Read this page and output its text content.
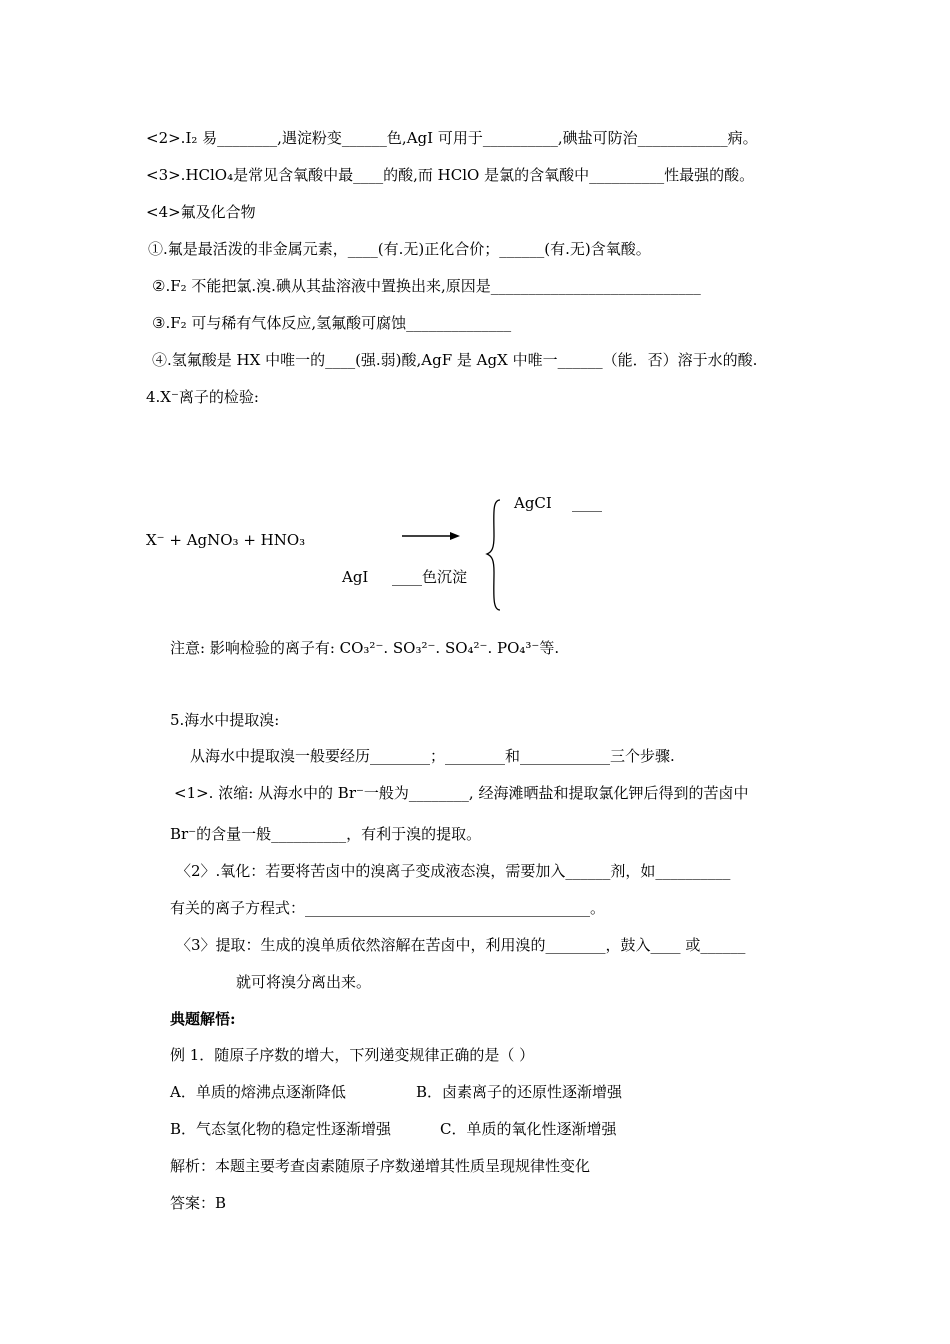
<2>.I₂ 易________,遇淀粉变______色,AgI 可用于__________,碘盐可防治____________病。
<3>.HClO₄是常见含氧酸中最____的酸,而 HClO 是氯的含氧酸中__________性最强的酸。
<4>氟及化合物
①.氟是最活泼的非金属元素，____(有.无)正化合价；______(有.无)含氧酸。
②.F₂ 不能把氯.溴.碘从其盐溶液中置换出来,原因是____________________________
③.F₂ 可与稀有气体反应,氢氟酸可腐蚀______________
④.氢氟酸是 HX 中唯一的____(强.弱)酸,AgF 是 AgX 中唯一______（能．否）溶于水的酸.
4.X⁻离子的检验:
X⁻ + AgNO₃ + HNO₃
AgCI ____
AgI ____色沉淀
注意: 影响检验的离子有: CO₃²⁻. SO₃²⁻. SO₄²⁻. PO₄³⁻等.
5.海水中提取溴:
从海水中提取溴一般要经历________；________和____________三个步骤.
<1>. 浓缩: 从海水中的 Br⁻一般为________, 经海滩晒盐和提取氯化钾后得到的苦卤中
Br⁻的含量一般__________，有利于溴的提取。
〈2〉.氧化：若要将苦卤中的溴离子变成液态溴，需要加入______剂，如__________
有关的离子方程式：______________________________________。
〈3〉提取：生成的溴单质依然溶解在苦卤中，利用溴的________，鼓入____ 或______
就可将溴分离出来。
典题解悟:
例 1．随原子序数的增大，下列递变规律正确的是（ ）
A．单质的熔沸点逐渐降低	B．卤素离子的还原性逐渐增强
B．气态氢化物的稳定性逐渐增强	C．单质的氧化性逐渐增强
解析：本题主要考查卤素随原子序数递增其性质呈现规律性变化
答案：B
